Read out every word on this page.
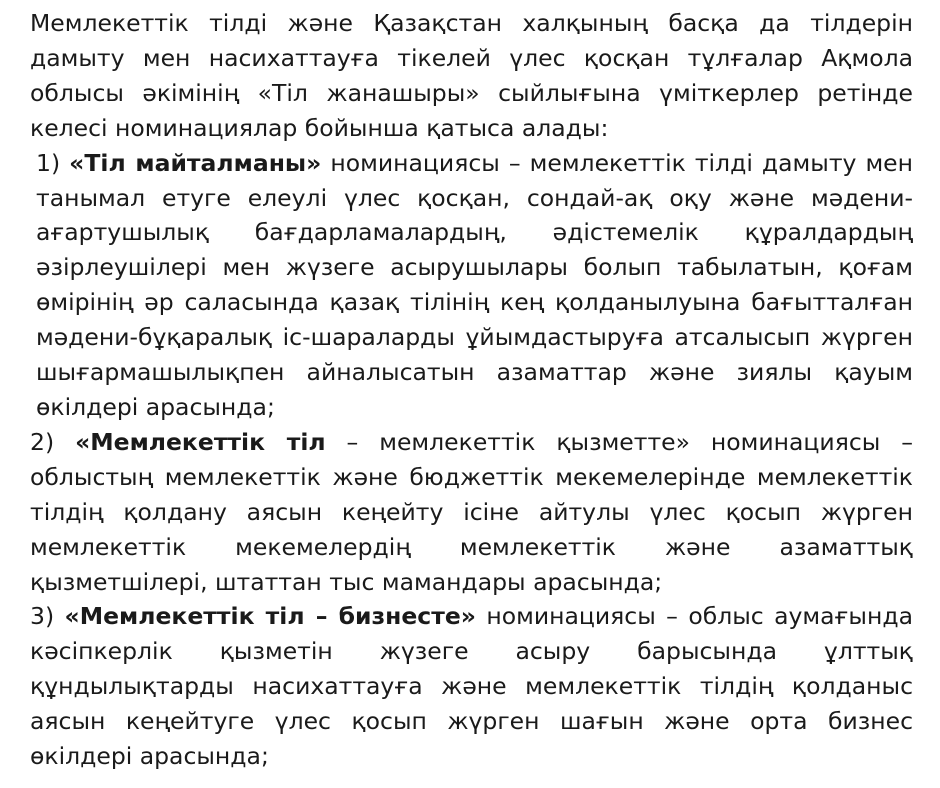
Мемлекеттік тілді және Қазақстан халқының басқа да тілдерін дамыту мен насихаттауға тікелей үлес қосқан тұлғалар Ақмола облысы әкімінің «Тіл жанашыры» сыйлығына үміткерлер ретінде келесі номинациялар бойынша қатыса алады:

1) «Тіл майталманы» номинациясы – мемлекеттік тілді дамыту мен танымал етуге елеулі үлес қосқан, сондай-ақ оқу және мәдени-ағартушылық бағдарламалардың, әдістемелік құралдардың әзірлеушілері мен жүзеге асырушылары болып табылатын, қоғам өмірінің әр саласында қазақ тілінің кең қолданылуына бағытталған мәдени-бұқаралық іс-шараларды ұйымдастыруға атсалысып жүрген шығармашылықпен айналысатын азаматтар және зиялы қауым өкілдері арасында;

2) «Мемлекеттік тіл – мемлекеттік қызметте» номинациясы – облыстың мемлекеттік және бюджеттік мекемелерінде мемлекеттік тілдің қолдану аясын кеңейту ісіне айтулы үлес қосып жүрген мемлекеттік мекемелердің мемлекеттік және азаматтық қызметшілері, штаттан тыс мамандары арасында;

3) «Мемлекеттік тіл – бизнесте» номинациясы – облыс аумағында кәсіпкерлік қызметін жүзеге асыру барысында ұлттық құндылықтарды насихаттауға және мемлекеттік тілдің қолданыс аясын кеңейтуге үлес қосып жүрген шағын және орта бизнес өкілдері арасында;
